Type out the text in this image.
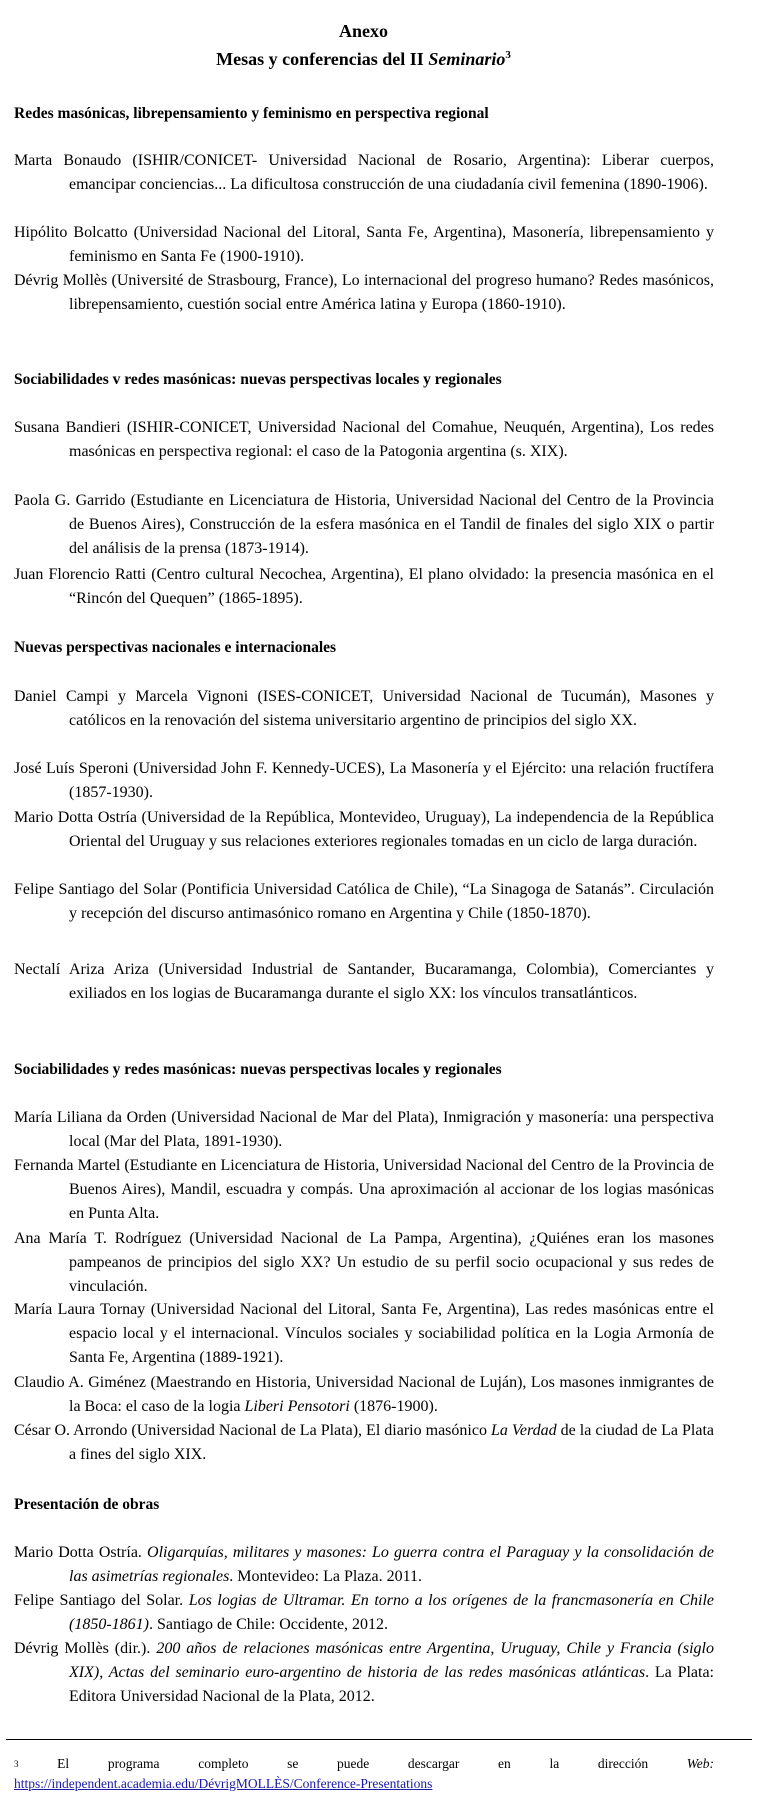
Anexo
Mesas y conferencias del II Seminario$^3$
Redes masónicas, librepensamiento y feminismo en perspectiva regional
Marta Bonaudo (ISHIR/CONICET- Universidad Nacional de Rosario, Argentina): Liberar cuerpos, emancipar conciencias... La dificultosa construcción de una ciudadanía civil femenina (1890-1906).
Hipólito Bolcatto (Universidad Nacional del Litoral, Santa Fe, Argentina), Masonería, librepensamiento y feminismo en Santa Fe (1900-1910).
Dévrig Mollès (Université de Strasbourg, France), Lo internacional del progreso humano? Redes masónicos, librepensamiento, cuestión social entre América latina y Europa (1860-1910).
Sociabilidades v redes masónicas: nuevas perspectivas locales y regionales
Susana Bandieri (ISHIR-CONICET, Universidad Nacional del Comahue, Neuquén, Argentina), Los redes masónicas en perspectiva regional: el caso de la Patogonia argentina (s. XIX).
Paola G. Garrido (Estudiante en Licenciatura de Historia, Universidad Nacional del Centro de la Provincia de Buenos Aires), Construcción de la esfera masónica en el Tandil de finales del siglo XIX o partir del análisis de la prensa (1873-1914).
Juan Florencio Ratti (Centro cultural Necochea, Argentina), El plano olvidado: la presencia masónica en el “Rincón del Quequen” (1865-1895).
Nuevas perspectivas nacionales e internacionales
Daniel Campi y Marcela Vignoni (ISES-CONICET, Universidad Nacional de Tucumán), Masones y católicos en la renovación del sistema universitario argentino de principios del siglo XX.
José Luís Speroni (Universidad John F. Kennedy-UCES), La Masonería y el Ejército: una relación fructífera (1857-1930).
Mario Dotta Ostría (Universidad de la República, Montevideo, Uruguay), La independencia de la República Oriental del Uruguay y sus relaciones exteriores regionales tomadas en un ciclo de larga duración.
Felipe Santiago del Solar (Pontificia Universidad Católica de Chile), “La Sinagoga de Satanás”. Circulación y recepción del discurso antimasónico romano en Argentina y Chile (1850-1870).
Nectalí Ariza Ariza (Universidad Industrial de Santander, Bucaramanga, Colombia), Comerciantes y exiliados en los logias de Bucaramanga durante el siglo XX: los vínculos transatlánticos.
Sociabilidades y redes masónicas: nuevas perspectivas locales y regionales
María Liliana da Orden (Universidad Nacional de Mar del Plata), Inmigración y masonería: una perspectiva local (Mar del Plata, 1891-1930).
Fernanda Martel (Estudiante en Licenciatura de Historia, Universidad Nacional del Centro de la Provincia de Buenos Aires), Mandil, escuadra y compás. Una aproximación al accionar de los logias masónicas en Punta Alta.
Ana María T. Rodríguez (Universidad Nacional de La Pampa, Argentina), ¿Quiénes eran los masones pampeanos de principios del siglo XX? Un estudio de su perfil socio ocupacional y sus redes de vinculación.
María Laura Tornay (Universidad Nacional del Litoral, Santa Fe, Argentina), Las redes masónicas entre el espacio local y el internacional. Vínculos sociales y sociabilidad política en la Logia Armonía de Santa Fe, Argentina (1889-1921).
Claudio A. Giménez (Maestrando en Historia, Universidad Nacional de Luján), Los masones inmigrantes de la Boca: el caso de la logia Liberi Pensotori (1876-1900).
César O. Arrondo (Universidad Nacional de La Plata), El diario masónico La Verdad de la ciudad de La Plata a fines del siglo XIX.
Presentación de obras
Mario Dotta Ostría. Oligarquías, militares y masones: Lo guerra contra el Paraguay y la consolidación de las asimetrías regionales. Montevideo: La Plaza. 2011.
Felipe Santiago del Solar. Los logias de Ultramar. En torno a los orígenes de la francmasonería en Chile (1850-1861). Santiago de Chile: Occidente, 2012.
Dévrig Mollès (dir.). 200 años de relaciones masónicas entre Argentina, Uruguay, Chile y Francia (siglo XIX), Actas del seminario euro-argentino de historia de las redes masónicas atlánticas. La Plata: Editora Universidad Nacional de la Plata, 2012.
3	El	programa	completo	se	puede	descargar	en	la	dirección	Web:
https://independent.academia.edu/DévrigMOLLÈS/Conference-Presentations
